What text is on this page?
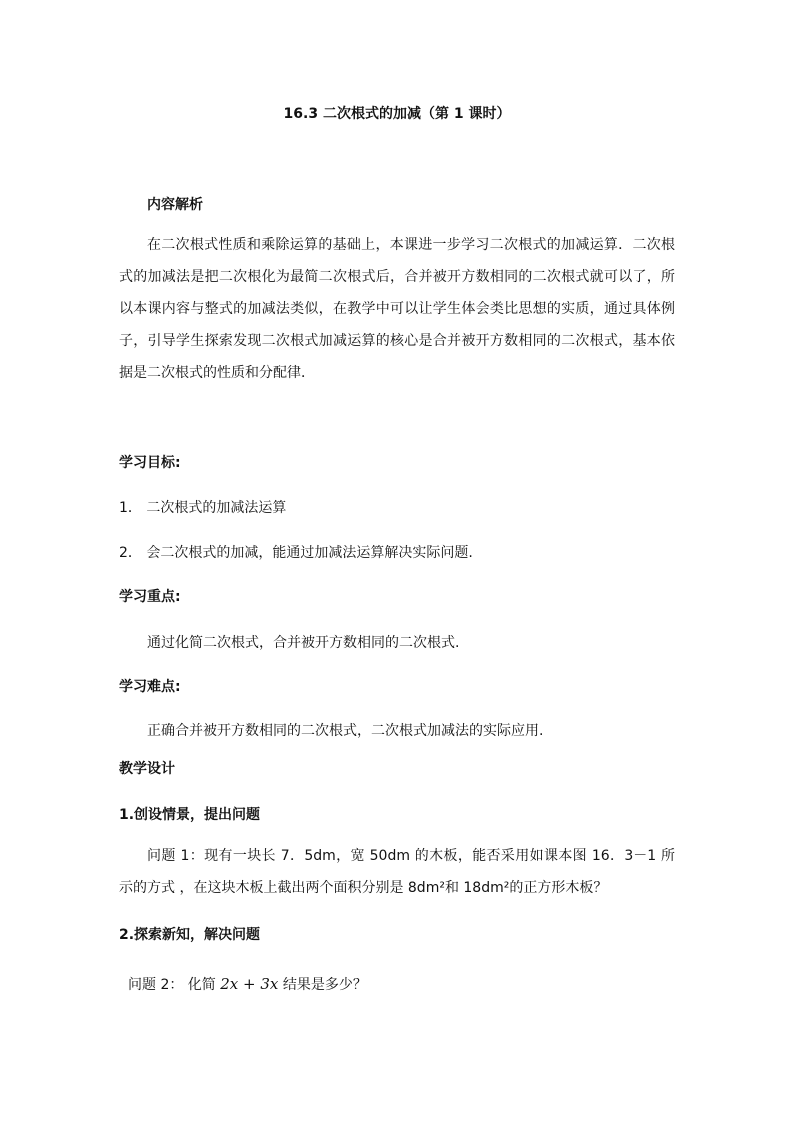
16.3 二次根式的加减（第 1 课时）
内容解析
在二次根式性质和乘除运算的基础上，本课进一步学习二次根式的加减运算．二次根式的加减法是把二次根化为最简二次根式后，合并被开方数相同的二次根式就可以了，所以本课内容与整式的加减法类似，在教学中可以让学生体会类比思想的实质，通过具体例子，引导学生探索发现二次根式加减运算的核心是合并被开方数相同的二次根式，基本依据是二次根式的性质和分配律．
学习目标:
1． 二次根式的加减法运算
2． 会二次根式的加减，能通过加减法运算解决实际问题.
学习重点:
通过化简二次根式，合并被开方数相同的二次根式.
学习难点:
正确合并被开方数相同的二次根式，二次根式加减法的实际应用.
教学设计
1.创设情景，提出问题
问题 1：现有一块长 7．5dm，宽 50dm 的木板，能否采用如课本图 16．3－1 所示的方式 ，在这块木板上截出两个面积分别是 8dm²和 18dm²的正方形木板？
2.探索新知，解决问题
问题 2： 化简 2x + 3x 结果是多少？
